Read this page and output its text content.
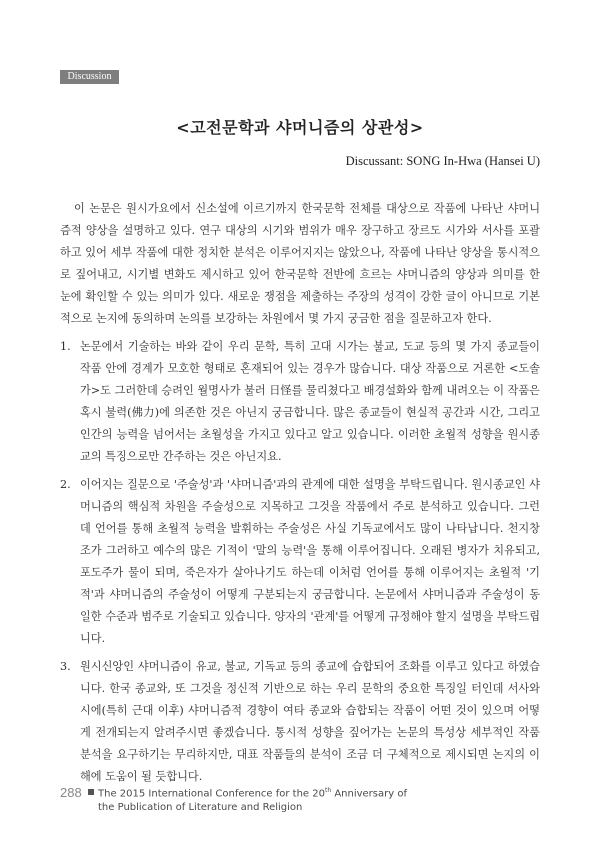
Discussion
<고전문학과 샤머니즘의 상관성>
Discussant: SONG In-Hwa (Hansei U)

이 논문은 원시가요에서 신소설에 이르기까지 한국문학 전체를 대상으로 작품에 나타난 샤머니즘적 양상을 설명하고 있다. 연구 대상의 시기와 범위가 매우 장구하고 장르도 시가와 서사를 포괄하고 있어 세부 작품에 대한 정치한 분석은 이루어지지는 않았으나, 작품에 나타난 양상을 통시적으로 짚어내고, 시기별 변화도 제시하고 있어 한국문학 전반에 흐르는 샤머니즘의 양상과 의미를 한 눈에 확인할 수 있는 의미가 있다. 새로운 쟁점을 제출하는 주장의 성격이 강한 글이 아니므로 기본적으로 논지에 동의하며 논의를 보강하는 차원에서 몇 가지 궁금한 점을 질문하고자 한다.

1. 논문에서 기술하는 바와 같이 우리 문학, 특히 고대 시가는 불교, 도교 등의 몇 가지 종교들이 작품 안에 경계가 모호한 형태로 혼재되어 있는 경우가 많습니다. 대상 작품으로 거론한 <도솔가>도 그러한데 승려인 월명사가 불러 日怪를 물리쳤다고 배경설화와 함께 내려오는 이 작품은 혹시 불력(佛力)에 의존한 것은 아닌지 궁금합니다. 많은 종교들이 현실적 공간과 시간, 그리고 인간의 능력을 넘어서는 초월성을 가지고 있다고 알고 있습니다. 이러한 초월적 성향을 원시종교의 특징으로만 간주하는 것은 아닌지요.
2. 이어지는 질문으로 '주술성'과 '샤머니즘'과의 관계에 대한 설명을 부탁드립니다. 원시종교인 샤머니즘의 핵심적 차원을 주술성으로 지목하고 그것을 작품에서 주로 분석하고 있습니다. 그런데 언어를 통해 초월적 능력을 발휘하는 주술성은 사실 기독교에서도 많이 나타납니다. 천지창조가 그러하고 예수의 많은 기적이 '말의 능력'을 통해 이루어집니다. 오래된 병자가 치유되고, 포도주가 물이 되며, 죽은자가 살아나기도 하는데 이처럼 언어를 통해 이루어지는 초월적 '기적'과 샤머니즘의 주술성이 어떻게 구분되는지 궁금합니다. 논문에서 샤머니즘과 주술성이 동일한 수준과 범주로 기술되고 있습니다. 양자의 '관계'를 어떻게 규정해야 할지 설명을 부탁드립니다.
3. 원시신앙인 샤머니즘이 유교, 불교, 기독교 등의 종교에 습합되어 조화를 이루고 있다고 하였습니다. 한국 종교와, 또 그것을 정신적 기반으로 하는 우리 문학의 중요한 특징일 터인데 서사와 시에(특히 근대 이후) 샤머니즘적 경향이 여타 종교와 습합되는 작품이 어떤 것이 있으며 어떻게 전개되는지 알려주시면 좋겠습니다. 통시적 성향을 짚어가는 논문의 특성상 세부적인 작품 분석을 요구하기는 무리하지만, 대표 작품들의 분석이 조금 더 구체적으로 제시되면 논지의 이해에 도움이 될 듯합니다.
288 The 2015 International Conference for the 20th Anniversary of
the Publication of Literature and Religion
